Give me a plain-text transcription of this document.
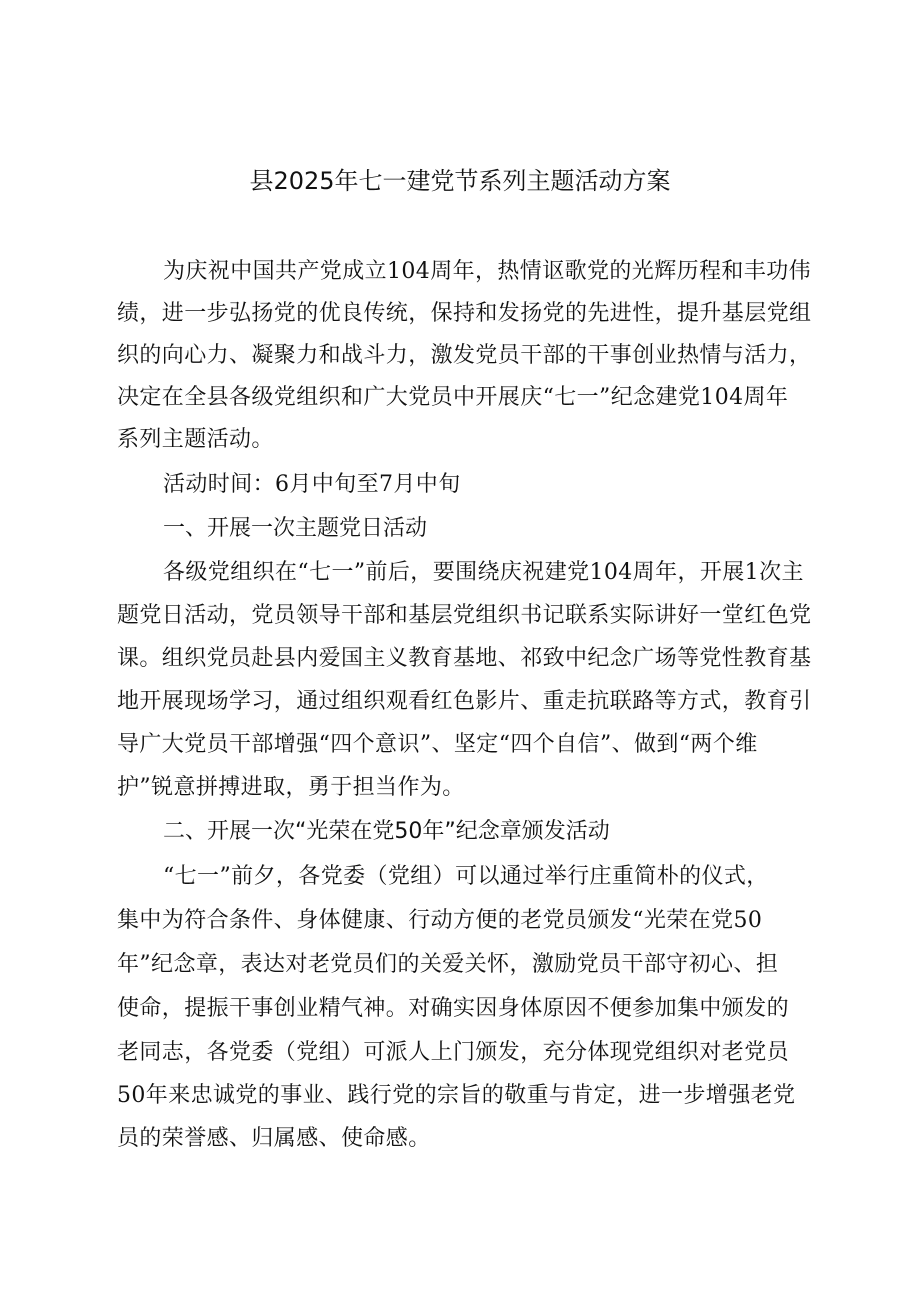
县2025年七一建党节系列主题活动方案
为庆祝中国共产党成立104周年，热情讴歌党的光辉历程和丰功伟
绩，进一步弘扬党的优良传统，保持和发扬党的先进性，提升基层党组
织的向心力、凝聚力和战斗力，激发党员干部的干事创业热情与活力，
决定在全县各级党组织和广大党员中开展庆“七一”纪念建党104周年
系列主题活动。
活动时间：6月中旬至7月中旬
一、开展一次主题党日活动
各级党组织在“七一”前后，要围绕庆祝建党104周年，开展1次主
题党日活动，党员领导干部和基层党组织书记联系实际讲好一堂红色党
课。组织党员赴县内爱国主义教育基地、祁致中纪念广场等党性教育基
地开展现场学习，通过组织观看红色影片、重走抗联路等方式，教育引
导广大党员干部增强“四个意识”、坚定“四个自信”、做到“两个维
护”锐意拼搏进取，勇于担当作为。
二、开展一次“光荣在党50年”纪念章颁发活动
“七一”前夕，各党委（党组）可以通过举行庄重简朴的仪式，
集中为符合条件、身体健康、行动方便的老党员颁发“光荣在党50
年”纪念章，表达对老党员们的关爱关怀，激励党员干部守初心、担
使命，提振干事创业精气神。对确实因身体原因不便参加集中颁发的
老同志，各党委（党组）可派人上门颁发，充分体现党组织对老党员
50年来忠诚党的事业、践行党的宗旨的敬重与肯定，进一步增强老党
员的荣誉感、归属感、使命感。
